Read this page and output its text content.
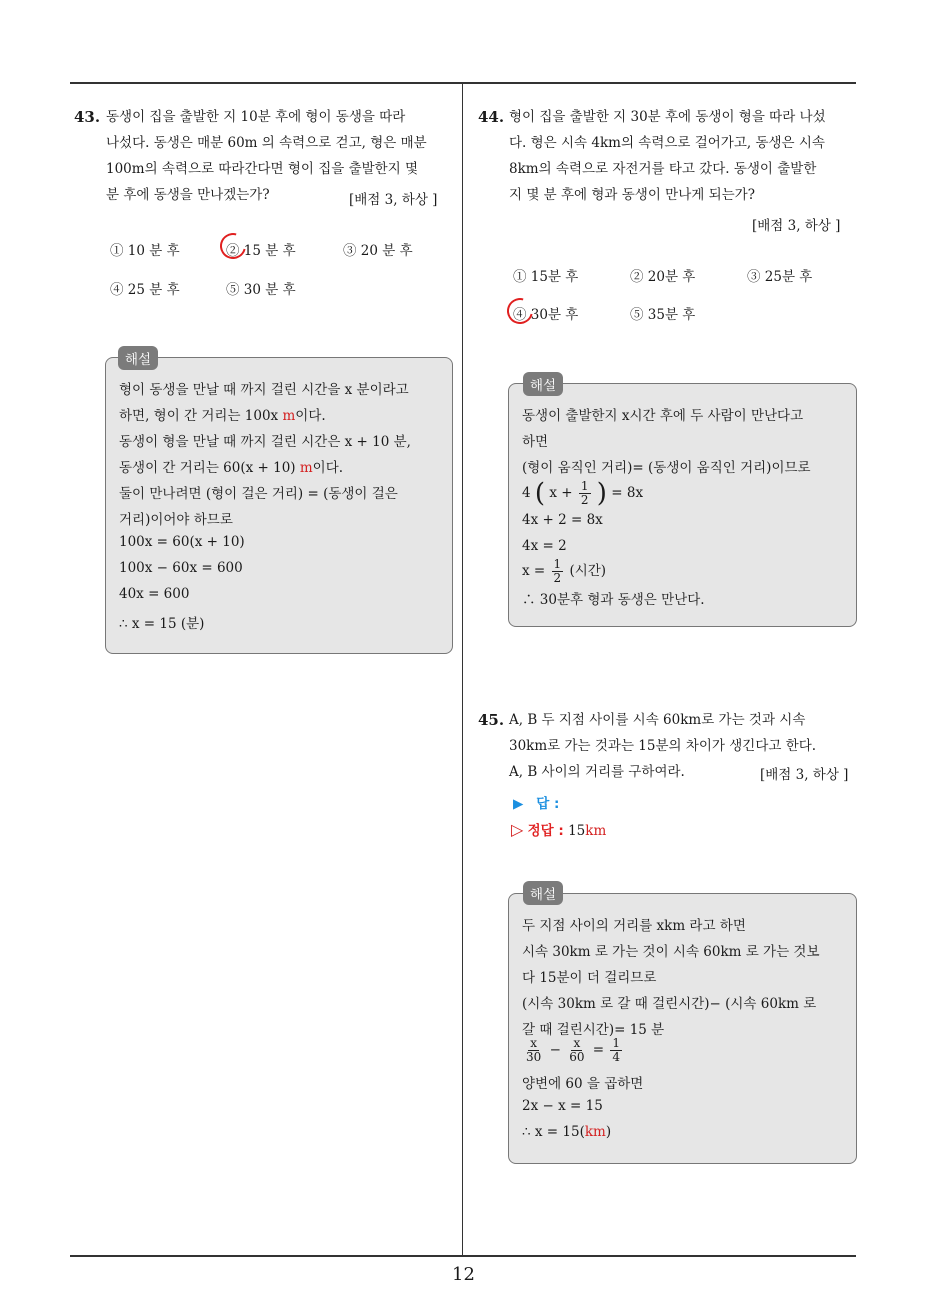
43. 동생이 집을 출발한 지 10분 후에 형이 동생을 따라
나섰다. 동생은 매분 60m 의 속력으로 걷고, 형은 매분
100m의 속력으로 따라간다면 형이 집을 출발한지 몇
분 후에 동생을 만나겠는가?	[배점 3, 하상 ]
① 10 분 후	② 15 분 후	③ 20 분 후
④ 25 분 후	⑤ 30 분 후
형이 동생을 만날 때 까지 걸린 시간을 x 분이라고
하면, 형이 간 거리는 100x m이다.
동생이 형을 만날 때 까지 걸린 시간은 x + 10 분,
동생이 간 거리는 60(x + 10) m이다.
둘이 만나려면 (형이 걸은 거리) = (동생이 걸은
거리)이어야 하므로
100x = 60(x + 10)
100x − 60x = 600
40x = 600
∴ x = 15 (분)
해설
44. 형이 집을 출발한 지 30분 후에 동생이 형을 따라 나섰
다. 형은 시속 4km의 속력으로 걸어가고, 동생은 시속
8km의 속력으로 자전거를 타고 갔다. 동생이 출발한
지 몇 분 후에 형과 동생이 만나게 되는가?
[배점 3, 하상 ]
① 15분 후	② 20분 후	③ 25분 후
④ 30분 후	⑤ 35분 후
동생이 출발한지 x시간 후에 두 사람이 만난다고
하면
(형이 움직인 거리)= (동생이 움직인 거리)이므로
4 ( $x + \frac{1}{2}$ ) = 8x
4x + 2 = 8x
4x = 2
$x = \frac{1}{2}$ (시간)
∴ 30분후 형과 동생은 만난다.
해설
45. A, B 두 지점 사이를 시속 60km로 가는 것과 시속
30km로 가는 것과는 15분의 차이가 생긴다고 한다.
A, B 사이의 거리를 구하여라.	[배점 3, 하상 ]
▶ 답 :
▷ 정답 : 15km
두 지점 사이의 거리를 xkm 라고 하면
시속 30km 로 가는 것이 시속 60km 로 가는 것보
다 15분이 더 걸리므로
(시속 30km 로 갈 때 걸린시간)− (시속 60km 로
갈 때 걸린시간)= 15 분
$\frac{x}{30} - \frac{x}{60} = \frac{1}{4}$
양변에 60 을 곱하면
2x − x = 15
∴ x = 15(km)
해설
12
